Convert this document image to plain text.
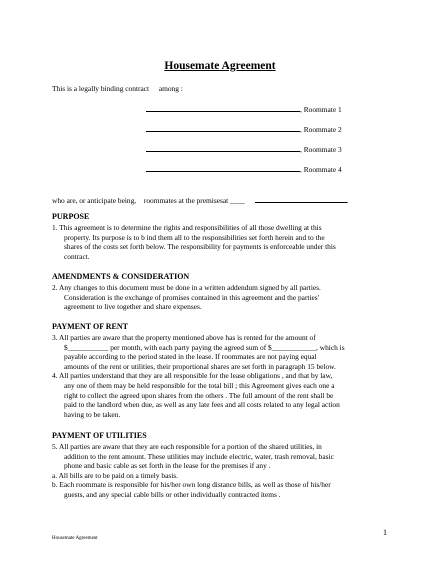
Housemate Agreement
This is a legally binding contract among :
, Roommate 1
, Roommate 2
, Roommate 3
, Roommate 4
who are, or anticipate being, roommates at the premisesat ____	.
PURPOSE
1. This agreement is to determine the rights and responsibilities of all those dwelling at this
property. Its purpose is to b ind them all to the responsibilities set forth herein and to the
shares of the costs set forth below. The responsibility for payments is enforceable under this
contract.
AMENDMENTS & CONSIDERATION
2. Any changes to this document must be done in a written addendum signed by all parties.
Consideration is the exchange of promises contained in this agreement and the parties'
agreement to live together and share expenses.
PAYMENT OF RENT
3. All parties are aware that the property mentioned above has is rented for the amount of
$___________ per month, with each party paying the agreed sum of $____________, which is
payable according to the period stated in the lease. If roommates are not paying equal
amounts of the rent or utilities, their proportional shares are set forth in paragraph 15 below.
4. All parties understand that they are all responsible for the lease obligations , and that by law,
any one of them may be held responsible for the total bill ; this Agreement gives each one a
right to collect the agreed upon shares from the others . The full amount of the rent shall be
paid to the landlord when due, as well as any late fees and all costs related to any legal action
having to be taken.
PAYMENT OF UTILITIES
5. All parties are aware that they are each responsible for a portion of the shared utilities, in
addition to the rent amount. These utilities may include electric, water, trash removal, basic
phone and basic cable as set forth in the lease for the premises if any .
a. All bills are to be paid on a timely basis.
b. Each roommate is responsible for his/her own long distance bills, as well as those of his/her
guests, and any special cable bills or other individually contracted items .
1
Housemate Agreement
